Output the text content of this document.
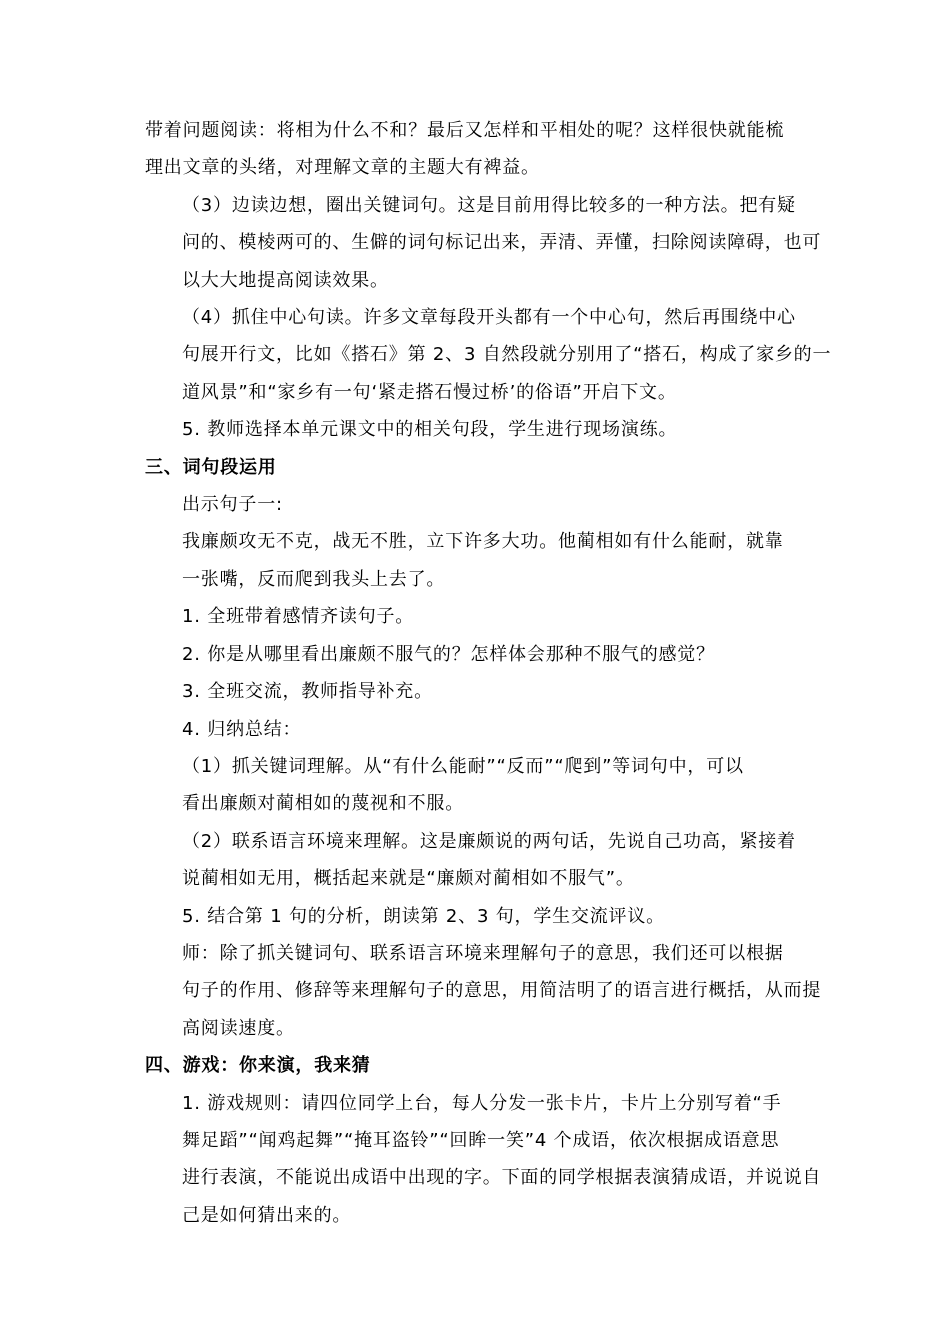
带着问题阅读：将相为什么不和？最后又怎样和平相处的呢？这样很快就能梳
理出文章的头绪，对理解文章的主题大有裨益。

（3）边读边想，圈出关键词句。这是目前用得比较多的一种方法。把有疑
问的、模棱两可的、生僻的词句标记出来，弄清、弄懂，扫除阅读障碍，也可
以大大地提高阅读效果。

（4）抓住中心句读。许多文章每段开头都有一个中心句，然后再围绕中心
句展开行文，比如《搭石》第 2、3 自然段就分别用了“搭石，构成了家乡的一
道风景”和“家乡有一句‘紧走搭石慢过桥’的俗语”开启下文。

5. 教师选择本单元课文中的相关句段，学生进行现场演练。

三、词句段运用

出示句子一:

我廉颇攻无不克，战无不胜，立下许多大功。他蔺相如有什么能耐，就靠
一张嘴，反而爬到我头上去了。

1. 全班带着感情齐读句子。

2. 你是从哪里看出廉颇不服气的？怎样体会那种不服气的感觉？

3. 全班交流，教师指导补充。

4. 归纳总结：

（1）抓关键词理解。从“有什么能耐”“反而”“爬到”等词句中，可以
看出廉颇对蔺相如的蔑视和不服。

（2）联系语言环境来理解。这是廉颇说的两句话，先说自己功高，紧接着
说蔺相如无用，概括起来就是“廉颇对蔺相如不服气”。

5. 结合第 1 句的分析，朗读第 2、3 句，学生交流评议。

师：除了抓关键词句、联系语言环境来理解句子的意思，我们还可以根据
句子的作用、修辞等来理解句子的意思，用简洁明了的语言进行概括，从而提
高阅读速度。

四、游戏：你来演，我来猜

1. 游戏规则：请四位同学上台，每人分发一张卡片，卡片上分别写着“手
舞足蹈”“闻鸡起舞”“掩耳盗铃”“回眸一笑”4 个成语，依次根据成语意思
进行表演，不能说出成语中出现的字。下面的同学根据表演猜成语，并说说自
己是如何猜出来的。
